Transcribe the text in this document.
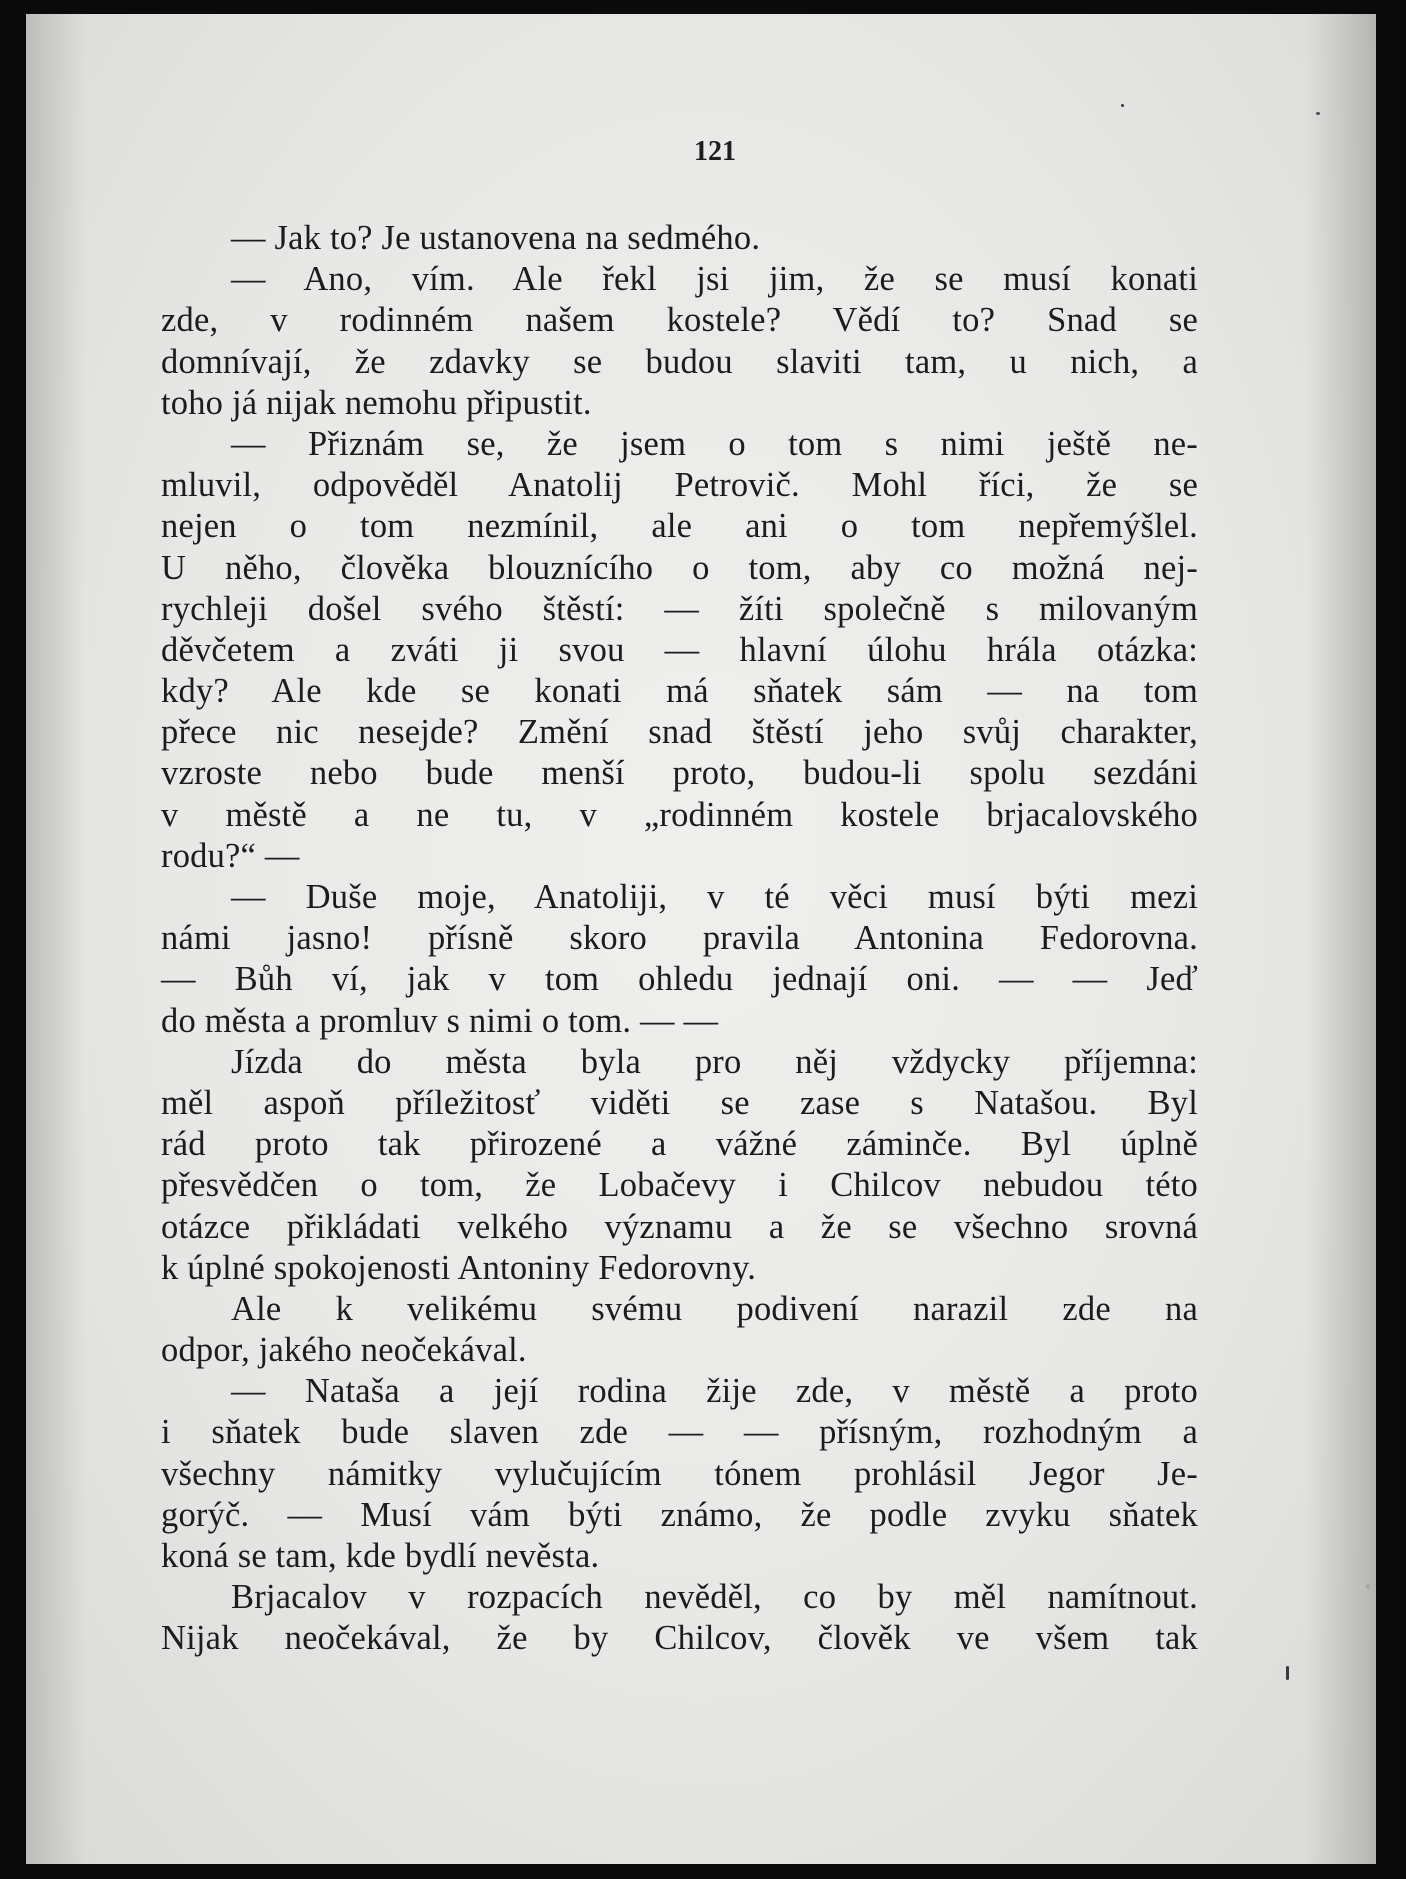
121
— Jak to? Je ustanovena na sedmého.
— Ano, vím. Ale řekl jsi jim, že se musí konati
zde, v rodinném našem kostele? Vědí to? Snad se
domnívají, že zdavky se budou slaviti tam, u nich, a
toho já nijak nemohu připustit.
— Přiznám se, že jsem o tom s nimi ještě ne-
mluvil, odpověděl Anatolij Petrovič. Mohl říci, že se
nejen o tom nezmínil, ale ani o tom nepřemýšlel.
U něho, člověka blouznícího o tom, aby co možná nej-
rychleji došel svého štěstí: — žíti společně s milovaným
děvčetem a zváti ji svou — hlavní úlohu hrála otázka:
kdy? Ale kde se konati má sňatek sám — na tom
přece nic nesejde? Změní snad štěstí jeho svůj charakter,
vzroste nebo bude menší proto, budou-li spolu sezdáni
v městě a ne tu, v „rodinném kostele brjacalovského
rodu?“ —
— Duše moje, Anatoliji, v té věci musí býti mezi
námi jasno! přísně skoro pravila Antonina Fedorovna.
— Bůh ví, jak v tom ohledu jednají oni. — — Jeď
do města a promluv s nimi o tom. — —
Jízda do města byla pro něj vždycky příjemna:
měl aspoň příležitosť viděti se zase s Natašou. Byl
rád proto tak přirozené a vážné záminče. Byl úplně
přesvědčen o tom, že Lobačevy i Chilcov nebudou této
otázce přikládati velkého významu a že se všechno srovná
k úplné spokojenosti Antoniny Fedorovny.
Ale k velikému svému podivení narazil zde na
odpor, jakého neočekával.
— Nataša a její rodina žije zde, v městě a proto
i sňatek bude slaven zde — — přísným, rozhodným a
všechny námitky vylučujícím tónem prohlásil Jegor Je-
gorýč. — Musí vám býti známo, že podle zvyku sňatek
koná se tam, kde bydlí nevěsta.
Brjacalov v rozpacích nevěděl, co by měl namítnout.
Nijak neočekával, že by Chilcov, člověk ve všem tak
